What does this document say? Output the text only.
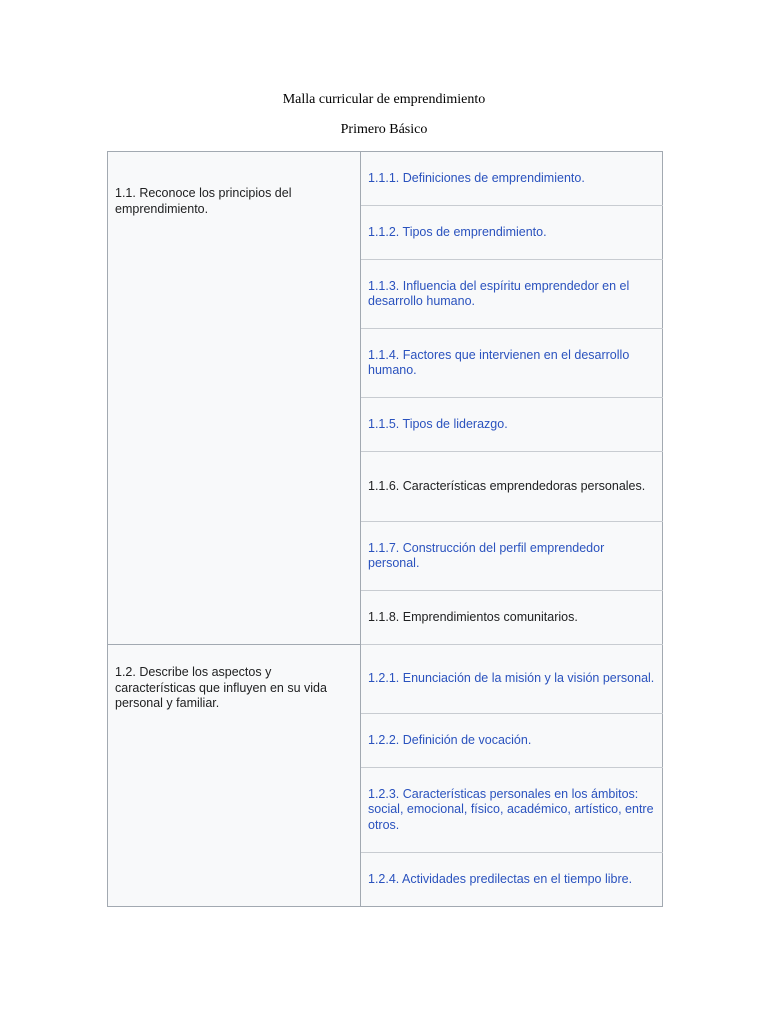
Malla curricular de emprendimiento
Primero Básico
1.1. Reconoce los principios del emprendimiento.	1.1.1. Definiciones de emprendimiento.
	1.1.2. Tipos de emprendimiento.
	1.1.3. Influencia del espíritu emprendedor en el desarrollo humano.
	1.1.4. Factores que intervienen en el desarrollo humano.
	1.1.5. Tipos de liderazgo.
	1.1.6. Características emprendedoras personales.
	1.1.7. Construcción del perfil emprendedor personal.
	1.1.8. Emprendimientos comunitarios.
1.2. Describe los aspectos y características que influyen en su vida personal y familiar.	1.2.1. Enunciación de la misión y la visión personal.
	1.2.2. Definición de vocación.
	1.2.3. Características personales en los ámbitos: social, emocional, físico, académico, artístico, entre otros.
	1.2.4. Actividades predilectas en el tiempo libre.
